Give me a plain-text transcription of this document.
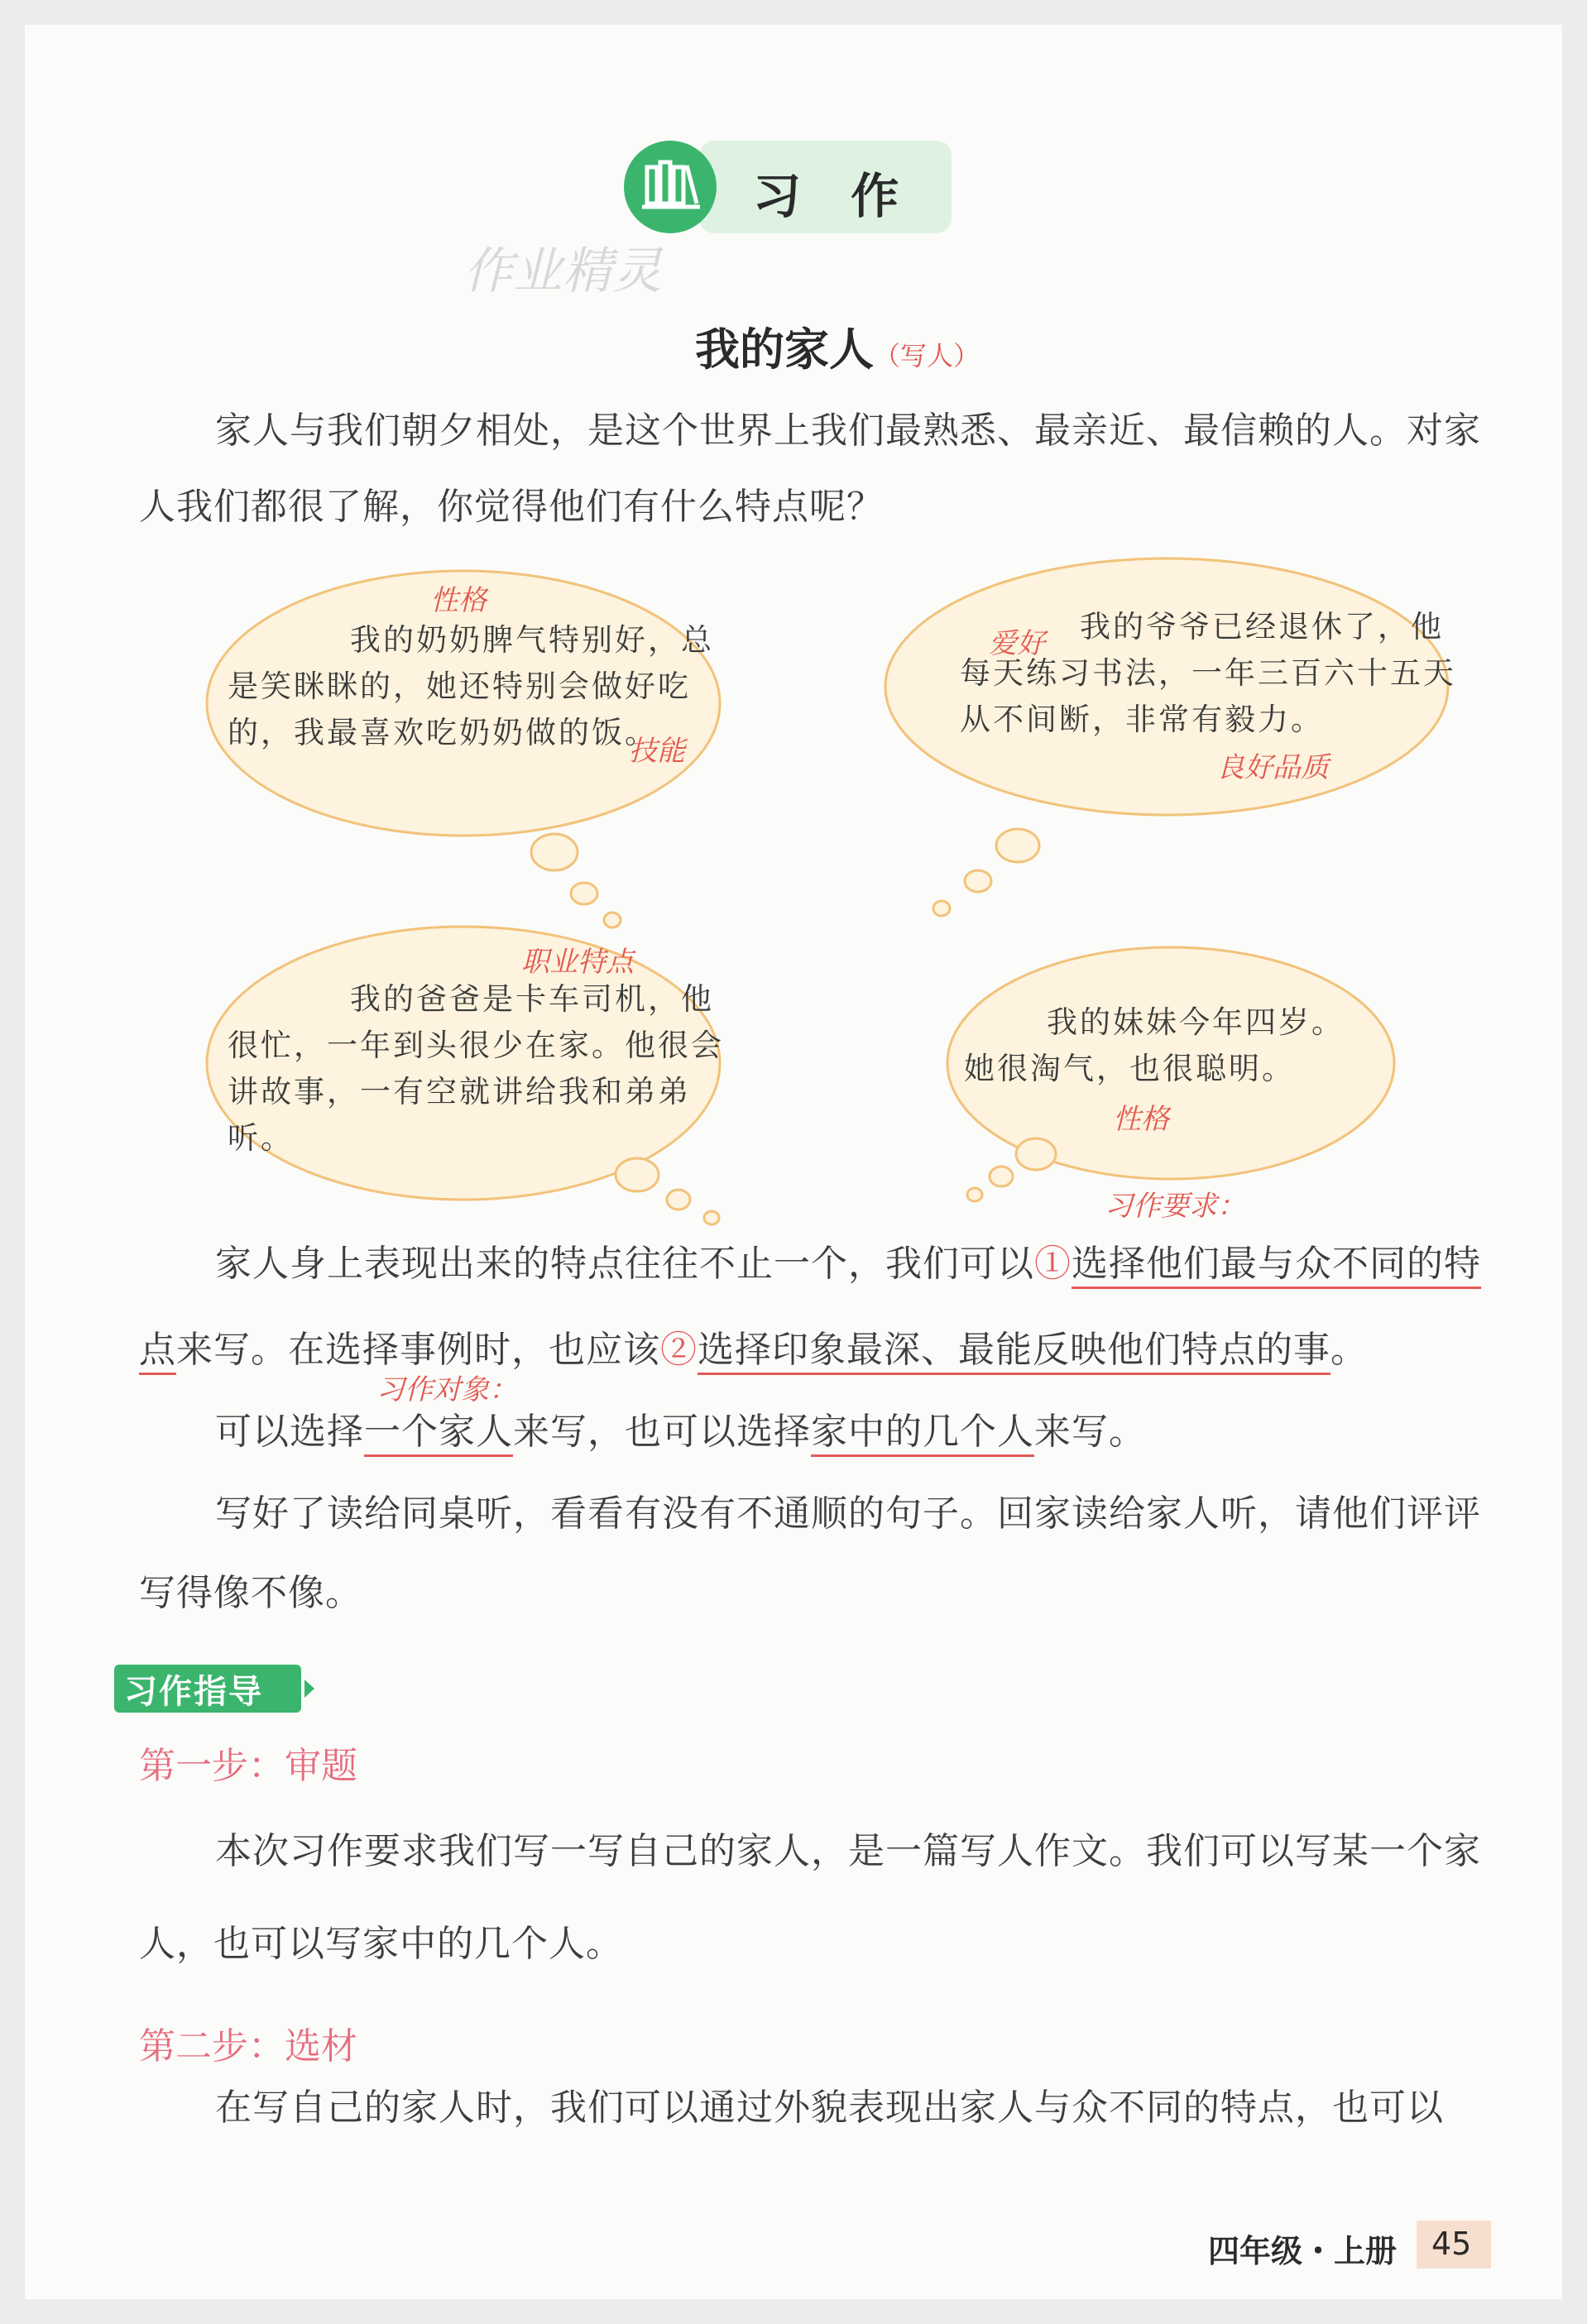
习 作
作业精灵
我的家人（写人）
家人与我们朝夕相处，是这个世界上我们最熟悉、最亲近、最信赖的人。对家人我们都很了解，你觉得他们有什么特点呢？
性格
我的奶奶脾气特别好，总是笑眯眯的，她还特别会做好吃的，我最喜欢吃奶奶做的饭。
技能
爱好	我的爷爷已经退休了，他每天练习书法，一年三百六十五天从不间断，非常有毅力。
良好品质
职业特点
我的爸爸是卡车司机，他很忙，一年到头很少在家。他很会讲故事，一有空就讲给我和弟弟听。
我的妹妹今年四岁。她很淘气，也很聪明。
性格
习作要求：
家人身上表现出来的特点往往不止一个，我们可以①选择他们最与众不同的特点来写。在选择事例时，也应该②选择印象最深、最能反映他们特点的事。
习作对象：
可以选择一个家人来写，也可以选择家中的几个人来写。
写好了读给同桌听，看看有没有不通顺的句子。回家读给家人听，请他们评评写得像不像。
习作指导
第一步：审题
本次习作要求我们写一写自己的家人，是一篇写人作文。我们可以写某一个家人，也可以写家中的几个人。
第二步：选材
在写自己的家人时，我们可以通过外貌表现出家人与众不同的特点，也可以
四年级・上册 45
